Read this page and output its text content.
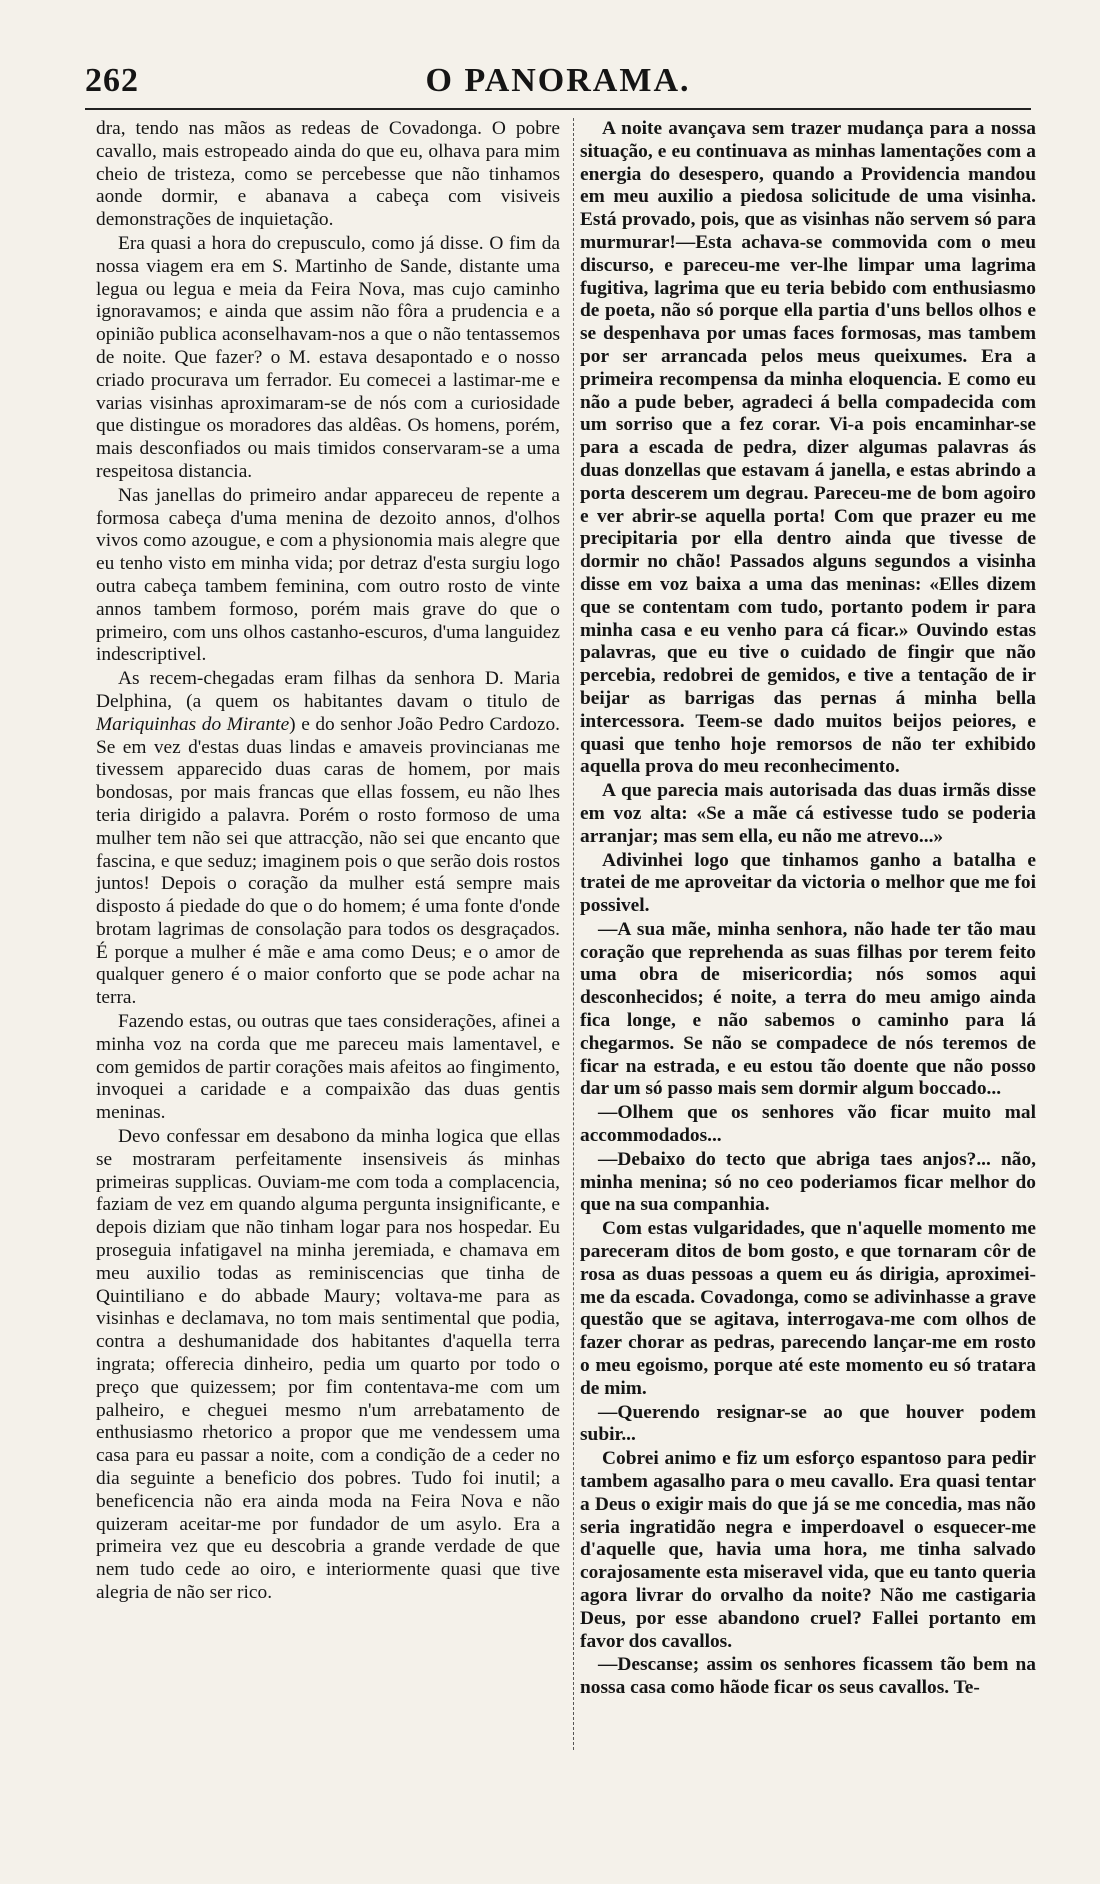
262	O PANORAMA.

dra, tendo nas mãos as redeas de Covadonga. O pobre cavallo, mais estropeado ainda do que eu, olhava para mim cheio de tristeza, como se percebesse que não tinhamos aonde dormir, e abanava a cabeça com visiveis demonstrações de inquietação.

Era quasi a hora do crepusculo, como já disse. O fim da nossa viagem era em S. Martinho de Sande, distante uma legua ou legua e meia da Feira Nova, mas cujo caminho ignoravamos; e ainda que assim não fôra a prudencia e a opinião publica aconselhavam-nos a que o não tentassemos de noite. Que fazer? o M. estava desapontado e o nosso criado procurava um ferrador. Eu comecei a lastimar-me e varias visinhas aproximaram-se de nós com a curiosidade que distingue os moradores das aldêas. Os homens, porém, mais desconfiados ou mais timidos conservaram-se a uma respeitosa distancia.

Nas janellas do primeiro andar appareceu de repente a formosa cabeça d'uma menina de dezoito annos, d'olhos vivos como azougue, e com a physionomia mais alegre que eu tenho visto em minha vida; por detraz d'esta surgiu logo outra cabeça tambem feminina, com outro rosto de vinte annos tambem formoso, porém mais grave do que o primeiro, com uns olhos castanho-escuros, d'uma languidez indescriptivel.

As recem-chegadas eram filhas da senhora D. Maria Delphina, (a quem os habitantes davam o titulo de Mariquinhas do Mirante) e do senhor João Pedro Cardozo. Se em vez d'estas duas lindas e amaveis provincianas me tivessem apparecido duas caras de homem, por mais bondosas, por mais francas que ellas fossem, eu não lhes teria dirigido a palavra. Porém o rosto formoso de uma mulher tem não sei que attracção, não sei que encanto que fascina, e que seduz; imaginem pois o que serão dois rostos juntos! Depois o coração da mulher está sempre mais disposto á piedade do que o do homem; é uma fonte d'onde brotam lagrimas de consolação para todos os desgraçados. É porque a mulher é mãe e ama como Deus; e o amor de qualquer genero é o maior conforto que se pode achar na terra.

Fazendo estas, ou outras que taes considerações, afinei a minha voz na corda que me pareceu mais lamentavel, e com gemidos de partir corações mais afeitos ao fingimento, invoquei a caridade e a compaixão das duas gentis meninas.

Devo confessar em desabono da minha logica que ellas se mostraram perfeitamente insensiveis ás minhas primeiras supplicas. Ouviam-me com toda a complacencia, faziam de vez em quando alguma pergunta insignificante, e depois diziam que não tinham logar para nos hospedar. Eu proseguia infatigavel na minha jeremiada, e chamava em meu auxilio todas as reminiscencias que tinha de Quintiliano e do abbade Maury; voltava-me para as visinhas e declamava, no tom mais sentimental que podia, contra a deshumanidade dos habitantes d'aquella terra ingrata; offerecia dinheiro, pedia um quarto por todo o preço que quizessem; por fim contentava-me com um palheiro, e cheguei mesmo n'um arrebatamento de enthusiasmo rhetorico a propor que me vendessem uma casa para eu passar a noite, com a condição de a ceder no dia seguinte a beneficio dos pobres. Tudo foi inutil; a beneficencia não era ainda moda na Feira Nova e não quizeram aceitar-me por fundador de um asylo. Era a primeira vez que eu descobria a grande verdade de que nem tudo cede ao oiro, e interiormente quasi que tive alegria de não ser rico.

A noite avançava sem trazer mudança para a nossa situação, e eu continuava as minhas lamentações com a energia do desespero, quando a Providencia mandou em meu auxilio a piedosa solicitude de uma visinha. Está provado, pois, que as visinhas não servem só para murmurar!—Esta achava-se commovida com o meu discurso, e pareceu-me ver-lhe limpar uma lagrima fugitiva, lagrima que eu teria bebido com enthusiasmo de poeta, não só porque ella partia d'uns bellos olhos e se despenhava por umas faces formosas, mas tambem por ser arrancada pelos meus queixumes. Era a primeira recompensa da minha eloquencia. E como eu não a pude beber, agradeci á bella compadecida com um sorriso que a fez corar. Vi-a pois encaminhar-se para a escada de pedra, dizer algumas palavras ás duas donzellas que estavam á janella, e estas abrindo a porta descerem um degrau. Pareceu-me de bom agoiro e ver abrir-se aquella porta! Com que prazer eu me precipitaria por ella dentro ainda que tivesse de dormir no chão! Passados alguns segundos a visinha disse em voz baixa a uma das meninas: «Elles dizem que se contentam com tudo, portanto podem ir para minha casa e eu venho para cá ficar.» Ouvindo estas palavras, que eu tive o cuidado de fingir que não percebia, redobrei de gemidos, e tive a tentação de ir beijar as barrigas das pernas á minha bella intercessora. Teem-se dado muitos beijos peiores, e quasi que tenho hoje remorsos de não ter exhibido aquella prova do meu reconhecimento.

A que parecia mais autorisada das duas irmãs disse em voz alta: «Se a mãe cá estivesse tudo se poderia arranjar; mas sem ella, eu não me atrevo...»

Adivinhei logo que tinhamos ganho a batalha e tratei de me aproveitar da victoria o melhor que me foi possivel.

—A sua mãe, minha senhora, não hade ter tão mau coração que reprehenda as suas filhas por terem feito uma obra de misericordia; nós somos aqui desconhecidos; é noite, a terra do meu amigo ainda fica longe, e não sabemos o caminho para lá chegarmos. Se não se compadece de nós teremos de ficar na estrada, e eu estou tão doente que não posso dar um só passo mais sem dormir algum boccado...

—Olhem que os senhores vão ficar muito mal accommodados...

—Debaixo do tecto que abriga taes anjos?... não, minha menina; só no ceo poderiamos ficar melhor do que na sua companhia.

Com estas vulgaridades, que n'aquelle momento me pareceram ditos de bom gosto, e que tornaram côr de rosa as duas pessoas a quem eu ás dirigia, aproximei-me da escada. Covadonga, como se adivinhasse a grave questão que se agitava, interrogava-me com olhos de fazer chorar as pedras, parecendo lançar-me em rosto o meu egoismo, porque até este momento eu só tratara de mim.

—Querendo resignar-se ao que houver podem subir...

Cobrei animo e fiz um esforço espantoso para pedir tambem agasalho para o meu cavallo. Era quasi tentar a Deus o exigir mais do que já se me concedia, mas não seria ingratidão negra e imperdoavel o esquecer-me d'aquelle que, havia uma hora, me tinha salvado corajosamente esta miseravel vida, que eu tanto queria agora livrar do orvalho da noite? Não me castigaria Deus, por esse abandono cruel? Fallei portanto em favor dos cavallos.

—Descanse; assim os senhores ficassem tão bem na nossa casa como hãode ficar os seus cavallos. Te-
